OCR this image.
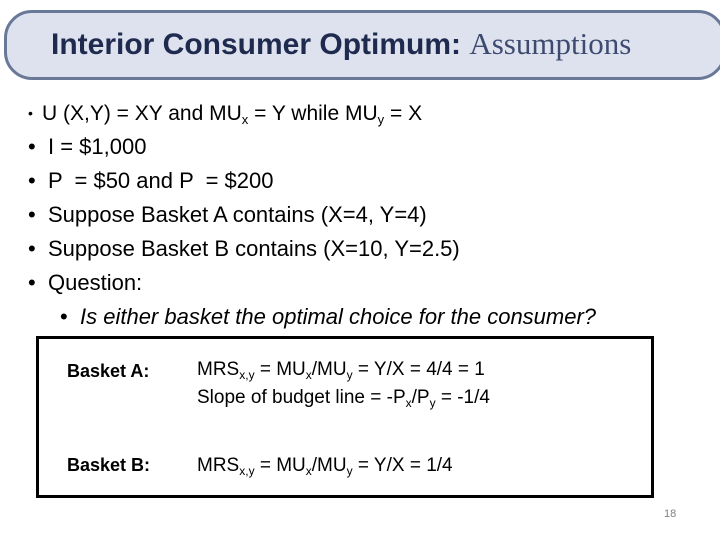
Interior Consumer Optimum: Assumptions
• U (X,Y) = XY and $MU_x = Y$ while $MU_y = X$
• I = $1,000
• P  = $50 and P  = $200
• Suppose Basket A contains (X=4, Y=4)
• Suppose Basket B contains (X=10, Y=2.5)
• Question:
• Is either basket the optimal choice for the consumer?
Basket A:	$MRS_{x,y} = MU_x/MU_y = Y/X = 4/4 = 1$
Slope of budget line = $-P_x/P_y = -1/4$
Basket B: $MRS_{x,y} = MU_x/MU_y = Y/X = 1/4$
18
